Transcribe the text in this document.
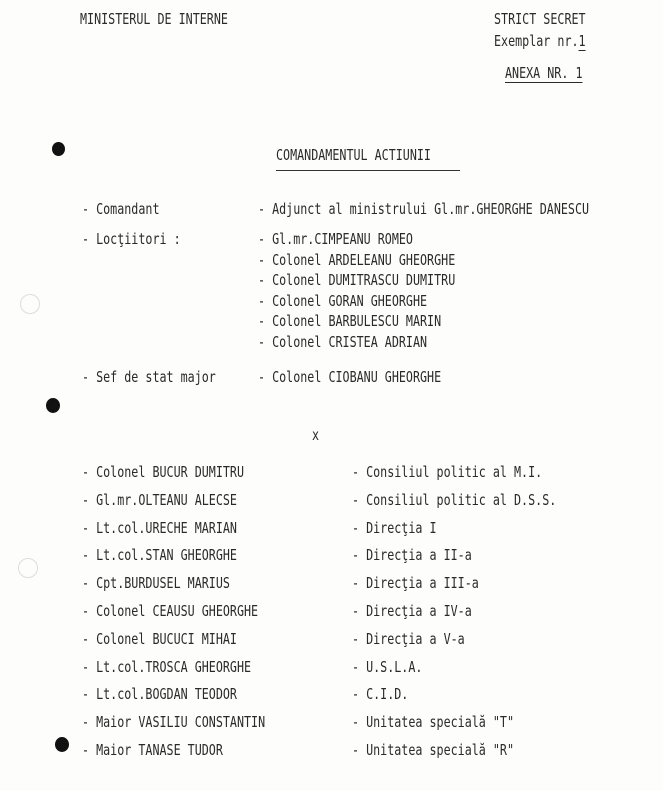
MINISTERUL DE INTERNE	STRICT SECRET
Exemplar nr.1
ANEXA NR. 1
COMANDAMENTUL ACTIUNII
- Comandant	- Adjunct al ministrului Gl.mr.GHEORGHE DANESCU
- Locţiitori :	- Gl.mr.CIMPEANU ROMEO
- Colonel ARDELEANU GHEORGHE
- Colonel DUMITRASCU DUMITRU
- Colonel GORAN GHEORGHE
- Colonel BARBULESCU MARIN
- Colonel CRISTEA ADRIAN
- Sef de stat major	- Colonel CIOBANU GHEORGHE
x
- Colonel BUCUR DUMITRU	- Consiliul politic al M.I.
- Gl.mr.OLTEANU ALECSE	- Consiliul politic al D.S.S.
- Lt.col.URECHE MARIAN	- Direcţia I
- Lt.col.STAN GHEORGHE	- Direcţia a II-a
- Cpt.BURDUSEL MARIUS	- Direcţia a III-a
- Colonel CEAUSU GHEORGHE	- Direcţia a IV-a
- Colonel BUCUCI MIHAI	- Direcţia a V-a
- Lt.col.TROSCA GHEORGHE	- U.S.L.A.
- Lt.col.BOGDAN TEODOR	- C.I.D.
- Maior VASILIU CONSTANTIN	- Unitatea specială "T"
- Maior TANASE TUDOR	- Unitatea specială "R"
